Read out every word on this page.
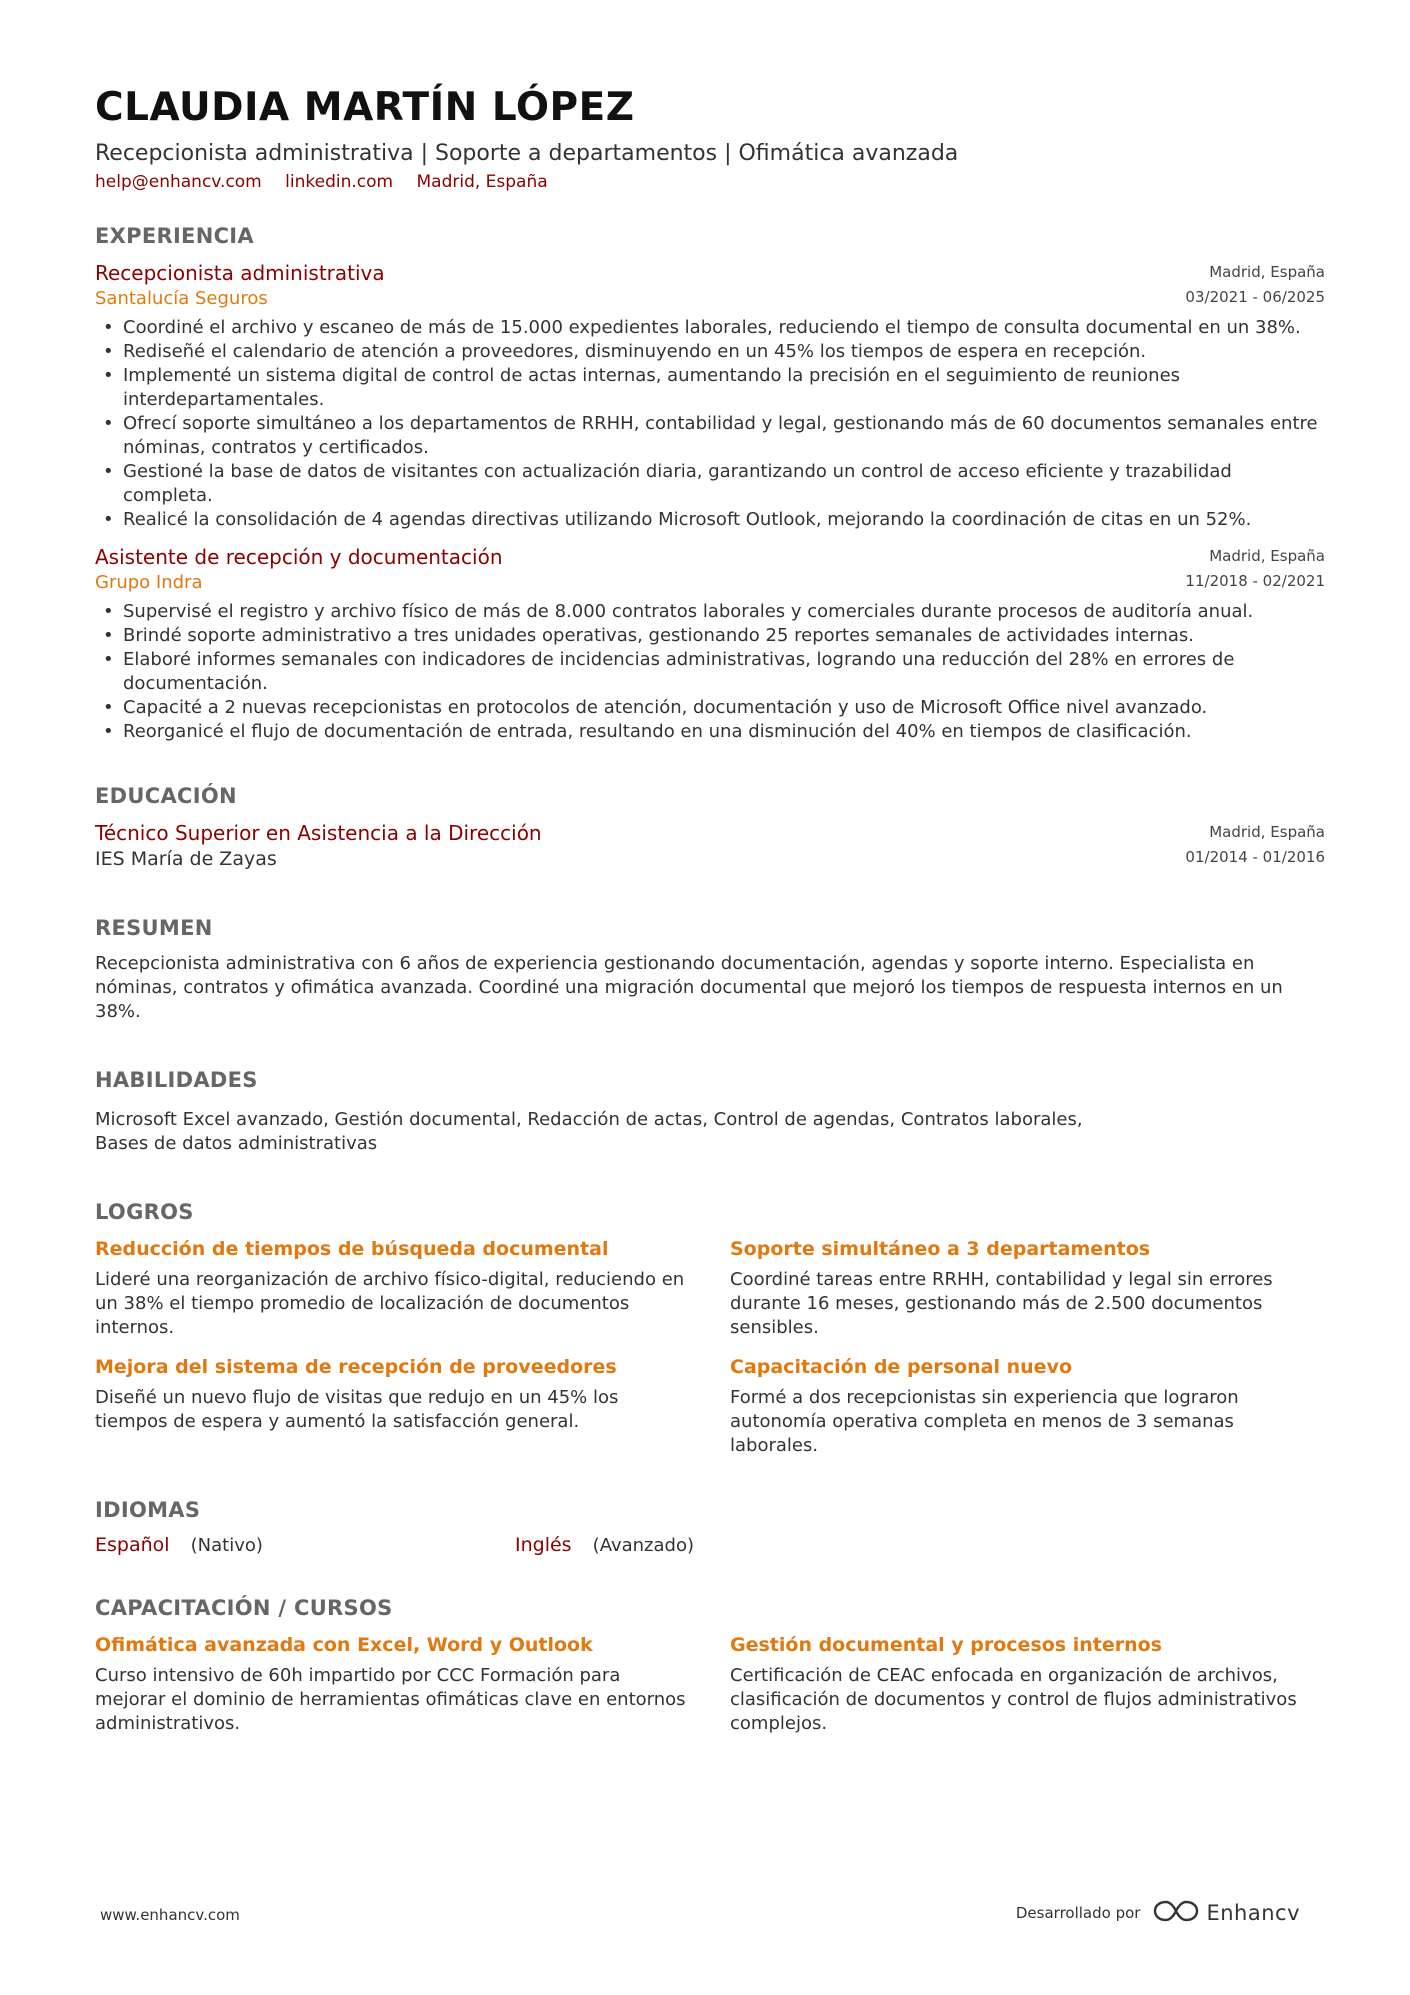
CLAUDIA MARTÍN LÓPEZ
Recepcionista administrativa | Soporte a departamentos | Ofimática avanzada
help@enhancv.com linkedin.com Madrid, España
EXPERIENCIA
Recepcionista administrativa
Santalucía Seguros
Madrid, España
03/2021 - 06/2025
• Coordiné el archivo y escaneo de más de 15.000 expedientes laborales, reduciendo el tiempo de consulta documental en un 38%.
• Rediseñé el calendario de atención a proveedores, disminuyendo en un 45% los tiempos de espera en recepción.
• Implementé un sistema digital de control de actas internas, aumentando la precisión en el seguimiento de reuniones interdepartamentales.
• Ofrecí soporte simultáneo a los departamentos de RRHH, contabilidad y legal, gestionando más de 60 documentos semanales entre nóminas, contratos y certificados.
• Gestioné la base de datos de visitantes con actualización diaria, garantizando un control de acceso eficiente y trazabilidad completa.
• Realicé la consolidación de 4 agendas directivas utilizando Microsoft Outlook, mejorando la coordinación de citas en un 52%.
Asistente de recepción y documentación
Grupo Indra
Madrid, España
11/2018 - 02/2021
• Supervisé el registro y archivo físico de más de 8.000 contratos laborales y comerciales durante procesos de auditoría anual.
• Brindé soporte administrativo a tres unidades operativas, gestionando 25 reportes semanales de actividades internas.
• Elaboré informes semanales con indicadores de incidencias administrativas, logrando una reducción del 28% en errores de documentación.
• Capacité a 2 nuevas recepcionistas en protocolos de atención, documentación y uso de Microsoft Office nivel avanzado.
• Reorganicé el flujo de documentación de entrada, resultando en una disminución del 40% en tiempos de clasificación.
EDUCACIÓN
Técnico Superior en Asistencia a la Dirección
IES María de Zayas
Madrid, España
01/2014 - 01/2016
RESUMEN
Recepcionista administrativa con 6 años de experiencia gestionando documentación, agendas y soporte interno. Especialista en nóminas, contratos y ofimática avanzada. Coordiné una migración documental que mejoró los tiempos de respuesta internos en un 38%.
HABILIDADES
Microsoft Excel avanzado, Gestión documental, Redacción de actas, Control de agendas, Contratos laborales,
Bases de datos administrativas
LOGROS
Reducción de tiempos de búsqueda documental
Lideré una reorganización de archivo físico-digital, reduciendo en un 38% el tiempo promedio de localización de documentos internos.
Soporte simultáneo a 3 departamentos
Coordiné tareas entre RRHH, contabilidad y legal sin errores durante 16 meses, gestionando más de 2.500 documentos sensibles.
Mejora del sistema de recepción de proveedores
Diseñé un nuevo flujo de visitas que redujo en un 45% los tiempos de espera y aumentó la satisfacción general.
Capacitación de personal nuevo
Formé a dos recepcionistas sin experiencia que lograron autonomía operativa completa en menos de 3 semanas laborales.
IDIOMAS
Español (Nativo)	Inglés (Avanzado)
CAPACITACIÓN / CURSOS
Ofimática avanzada con Excel, Word y Outlook
Curso intensivo de 60h impartido por CCC Formación para mejorar el dominio de herramientas ofimáticas clave en entornos administrativos.
Gestión documental y procesos internos
Certificación de CEAC enfocada en organización de archivos, clasificación de documentos y control de flujos administrativos complejos.
www.enhancv.com	Desarrollado por	Enhancv
